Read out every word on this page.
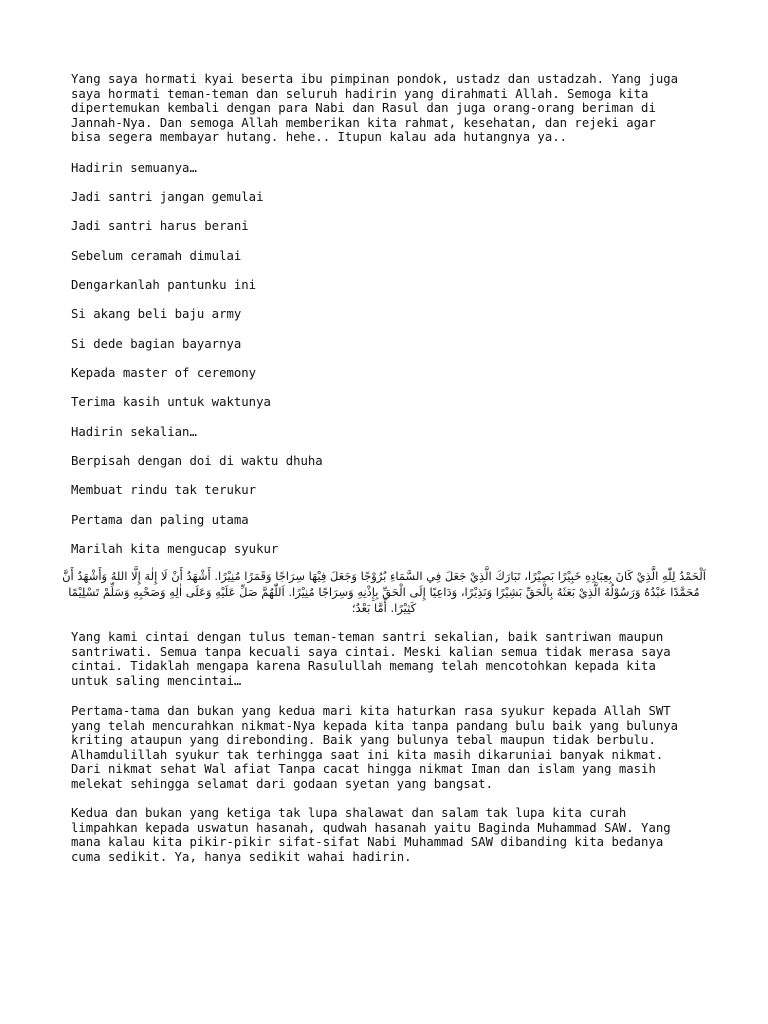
Yang saya hormati kyai beserta ibu pimpinan pondok, ustadz dan ustadzah. Yang juga
saya hormati teman-teman dan seluruh hadirin yang dirahmati Allah. Semoga kita
dipertemukan kembali dengan para Nabi dan Rasul dan juga orang-orang beriman di
Jannah-Nya. Dan semoga Allah memberikan kita rahmat, kesehatan, dan rejeki agar
bisa segera membayar hutang. hehe.. Itupun kalau ada hutangnya ya..

Hadirin semuanya…

Jadi santri jangan gemulai

Jadi santri harus berani

Sebelum ceramah dimulai

Dengarkanlah pantunku ini

Si akang beli baju army

Si dede bagian bayarnya

Kepada master of ceremony

Terima kasih untuk waktunya

Hadirin sekalian…

Berpisah dengan doi di waktu dhuha

Membuat rindu tak terukur

Pertama dan paling utama

Marilah kita mengucap syukur

اَلْحَمْدُ لِلّٰهِ الَّذِيْ كَانَ بِعِبَادِهِ خَبِيْرًا بَصِيْرًا، تَبَارَكَ الَّذِيْ جَعَلَ فِي السَّمَاءِ بُرُوْجًا وَجَعَلَ فِيْهَا سِرَاجًا وَقَمَرًا مُنِيْرًا. أَشْهَدُ أَنْ لَا إِلٰهَ إِلَّا اللهُ وَأَشْهَدُ أَنَّ مُحَمَّدًا عَبْدُهُ وَرَسُوْلُهُ الَّذِيْ بَعَثَهُ بِالْحَقِّ بَشِيْرًا وَنَذِيْرًا، وَدَاعِيًا إِلَى الْحَقِّ بِإِذْنِهِ وَسِرَاجًا مُنِيْرًا. اَللّٰهُمَّ صَلِّ عَلَيْهِ وَعَلَى اٰلِهِ وَصَحْبِهِ وَسَلِّمْ تَسْلِيْمًا كَثِيْرًا. أَمَّا بَعْدُ؛

Yang kami cintai dengan tulus teman-teman santri sekalian, baik santriwan maupun
santriwati. Semua tanpa kecuali saya cintai. Meski kalian semua tidak merasa saya
cintai. Tidaklah mengapa karena Rasulullah memang telah mencotohkan kepada kita
untuk saling mencintai…

Pertama-tama dan bukan yang kedua mari kita haturkan rasa syukur kepada Allah SWT
yang telah mencurahkan nikmat-Nya kepada kita tanpa pandang bulu baik yang bulunya
kriting ataupun yang direbonding. Baik yang bulunya tebal maupun tidak berbulu.
Alhamdulillah syukur tak terhingga saat ini kita masih dikaruniai banyak nikmat.
Dari nikmat sehat Wal afiat Tanpa cacat hingga nikmat Iman dan islam yang masih
melekat sehingga selamat dari godaan syetan yang bangsat.

Kedua dan bukan yang ketiga tak lupa shalawat dan salam tak lupa kita curah
limpahkan kepada uswatun hasanah, qudwah hasanah yaitu Baginda Muhammad SAW. Yang
mana kalau kita pikir-pikir sifat-sifat Nabi Muhammad SAW dibanding kita bedanya
cuma sedikit. Ya, hanya sedikit wahai hadirin.
